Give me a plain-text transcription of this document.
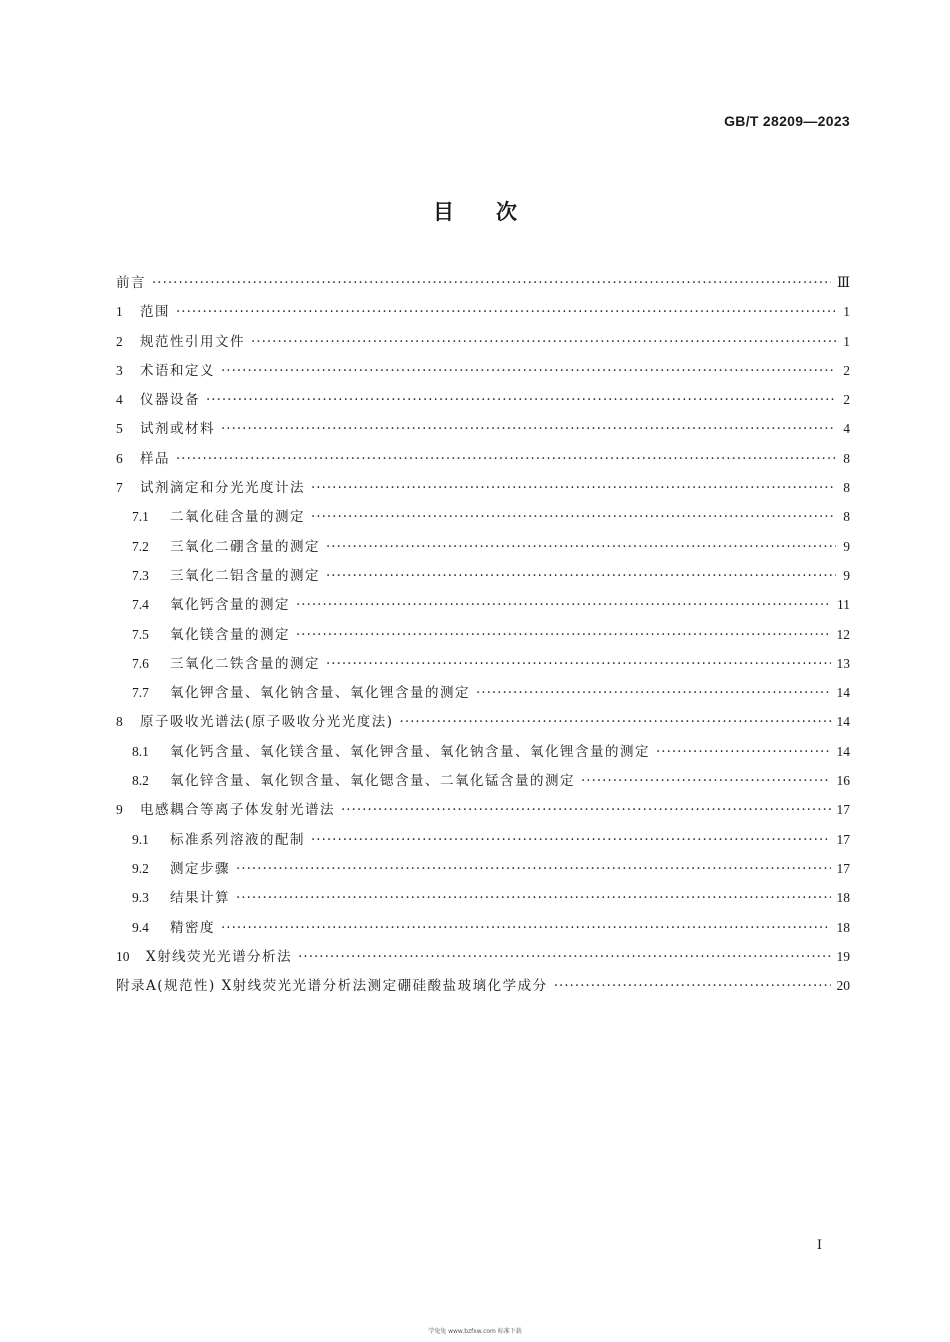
GB/T 28209—2023
目次
前言 ·····	Ⅲ
1	范围 ·····	1
2	规范性引用文件 ·····	1
3	术语和定义 ·····	2
4	仪器设备 ·····	2
5	试剂或材料 ·····	4
6	样品 ·····	8
7	试剂滴定和分光光度计法 ·····	8
7.1	二氧化硅含量的测定 ·····	8
7.2	三氧化二硼含量的测定 ·····	9
7.3	三氧化二铝含量的测定 ·····	9
7.4	氧化钙含量的测定 ·····	11
7.5	氧化镁含量的测定 ·····	12
7.6	三氧化二铁含量的测定 ·····	13
7.7	氧化钾含量、氧化钠含量、氧化锂含量的测定 ·····	14
8	原子吸收光谱法(原子吸收分光光度法) ·····	14
8.1	氧化钙含量、氧化镁含量、氧化钾含量、氧化钠含量、氧化锂含量的测定 ·····	14
8.2	氧化锌含量、氧化钡含量、氧化锶含量、二氧化锰含量的测定 ·····	16
9	电感耦合等离子体发射光谱法 ·····	17
9.1	标准系列溶液的配制 ·····	17
9.2	测定步骤 ·····	17
9.3	结果计算 ·····	18
9.4	精密度 ·····	18
10	X射线荧光光谱分析法 ·····	19
附录A(规范性) X射线荧光光谱分析法测定硼硅酸盐玻璃化学成分 ·····	20
Ⅰ
学兔兔 www.bzfxw.com 标准下载
